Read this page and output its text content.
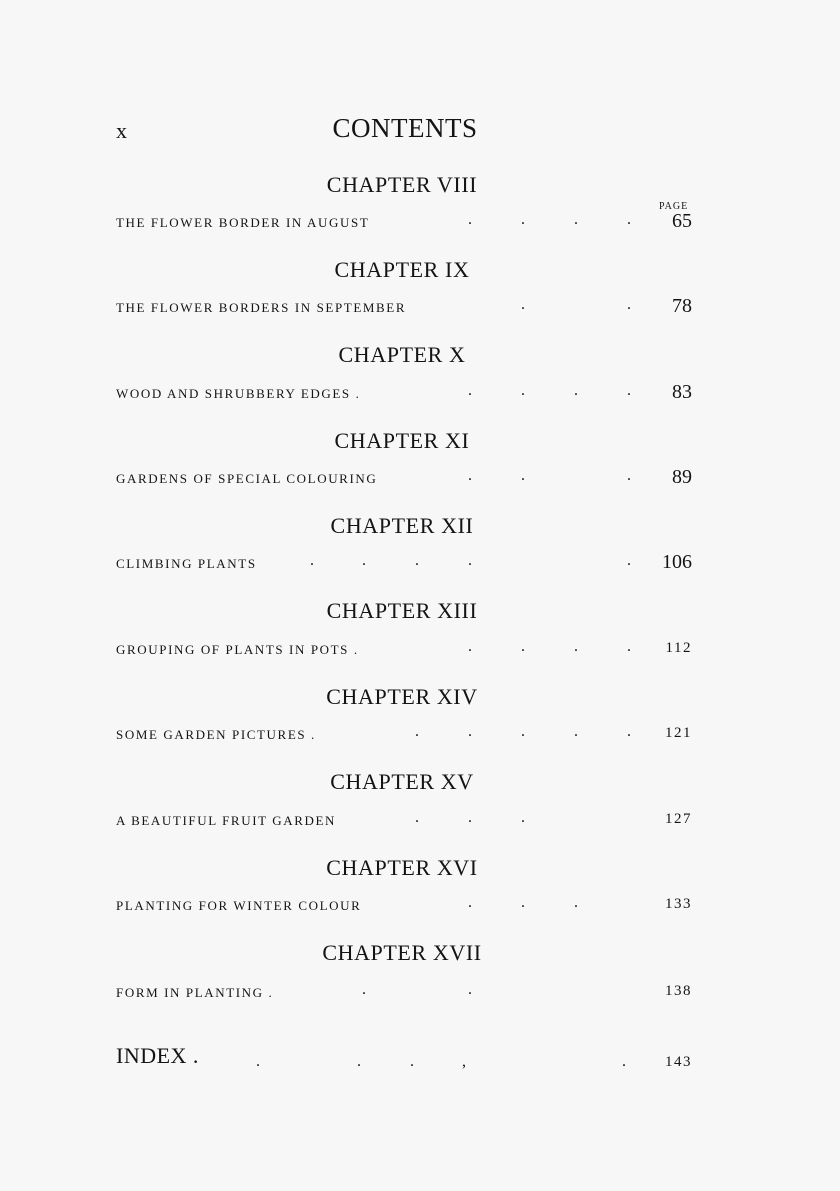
x	CONTENTS
PAGE
CHAPTER VIII
THE FLOWER BORDER IN AUGUST	.	.	.	.	65
CHAPTER IX
THE FLOWER BORDERS IN SEPTEMBER	.	.	78
CHAPTER X
WOOD AND SHRUBBERY EDGES .	.	.	.	.	83
CHAPTER XI
GARDENS OF SPECIAL COLOURING	.	.	.	89
CHAPTER XII
CLIMBING PLANTS	.	.	.	.	.	106
CHAPTER XIII
GROUPING OF PLANTS IN POTS .	.	.	.	.	112
CHAPTER XIV
SOME GARDEN PICTURES .	.	.	.	.	.	121
CHAPTER XV
A BEAUTIFUL FRUIT GARDEN	.	.	.	127
CHAPTER XVI
PLANTING FOR WINTER COLOUR	.	.	.	133
CHAPTER XVII
FORM IN PLANTING .	.	.	138
INDEX .	.	.	.	,	.	143
